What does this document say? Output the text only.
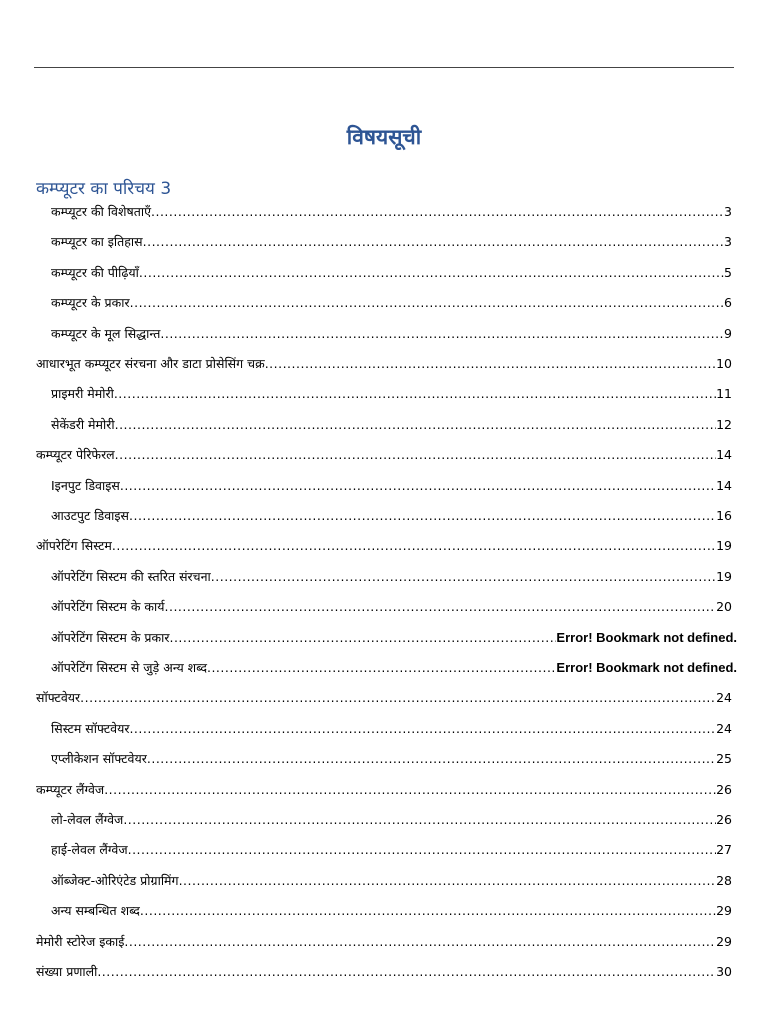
विषयसूची
कम्प्यूटर का परिचय 3
कम्प्यूटर की विशेषताएँ .....	3
कम्प्यूटर का इतिहास .....	3
कम्प्यूटर की पीढ़ियाँ .....	5
कम्प्यूटर के प्रकार .....	6
कम्प्यूटर के मूल सिद्धान्त .....	9
आधारभूत कम्प्यूटर संरचना और डाटा प्रोसेसिंग चक्र .....	10
प्राइमरी मेमोरी .....	11
सेकेंडरी मेमोरी .....	12
कम्प्यूटर पेरिफेरल .....	14
Iइनपुट डिवाइस .....	14
आउटपुट डिवाइस .....	16
ऑपरेटिंग सिस्टम .....	19
ऑपरेटिंग सिस्टम की स्तरित संरचना .....	19
ऑपरेटिंग सिस्टम के कार्य .....	20
ऑपरेटिंग सिस्टम के प्रकार .....	Error! Bookmark not defined.
ऑपरेटिंग सिस्टम से जुड़े अन्य शब्द .....	Error! Bookmark not defined.
सॉफ्टवेयर .....	24
सिस्टम सॉफ्टवेयर .....	24
एप्लीकेशन सॉफ्टवेयर .....	25
कम्प्यूटर लैंग्वेज .....	26
लो-लेवल लैंग्वेज .....	26
हाई-लेवल लैंग्वेज .....	27
ऑब्जेक्ट-ओरिएंटेड प्रोग्रामिंग .....	28
अन्य सम्बन्धित शब्द .....	29
मेमोरी स्टोरेज इकाई .....	29
संख्या प्रणाली .....	30
